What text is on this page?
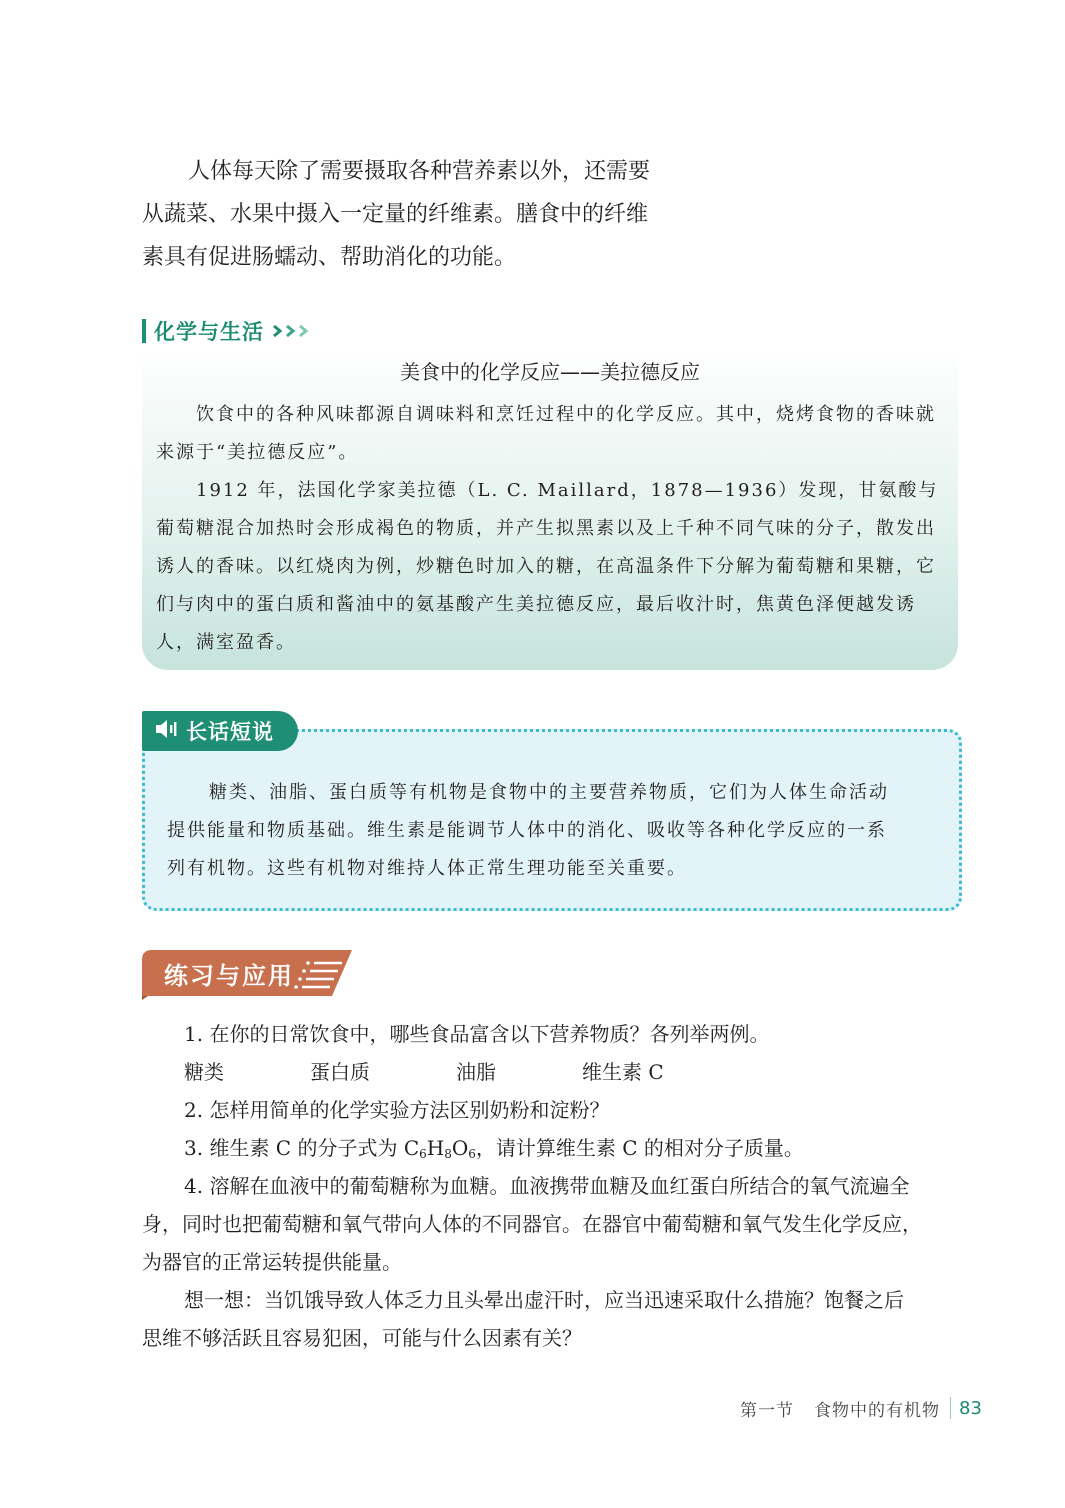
人体每天除了需要摄取各种营养素以外，还需要
从蔬菜、水果中摄入一定量的纤维素。膳食中的纤维
素具有促进肠蠕动、帮助消化的功能。
化学与生活
美食中的化学反应——美拉德反应

饮食中的各种风味都源自调味料和烹饪过程中的化学反应。其中，烧烤食物的香味就来源于“美拉德反应”。

1912 年，法国化学家美拉德（L. C. Maillard，1878—1936）发现，甘氨酸与葡萄糖混合加热时会形成褐色的物质，并产生拟黑素以及上千种不同气味的分子，散发出诱人的香味。以红烧肉为例，炒糖色时加入的糖，在高温条件下分解为葡萄糖和果糖，它们与肉中的蛋白质和酱油中的氨基酸产生美拉德反应，最后收汁时，焦黄色泽便越发诱人，满室盈香。

糖类、油脂、蛋白质等有机物是食物中的主要营养物质，它们为人体生命活动
提供能量和物质基础。维生素是能调节人体中的消化、吸收等各种化学反应的一系
列有机物。这些有机物对维持人体正常生理功能至关重要。
长话短说
练习与应用

1. 在你的日常饮食中，哪些食品富含以下营养物质？各列举两例。

糖类	蛋白质	油脂	维生素 C

2. 怎样用简单的化学实验方法区别奶粉和淀粉？

3. 维生素 C 的分子式为 $C_6H_8O_6$，请计算维生素 C 的相对分子质量。

4. 溶解在血液中的葡萄糖称为血糖。血液携带血糖及血红蛋白所结合的氧气流遍全

身，同时也把葡萄糖和氧气带向人体的不同器官。在器官中葡萄糖和氧气发生化学反应，

为器官的正常运转提供能量。

想一想：当饥饿导致人体乏力且头晕出虚汗时，应当迅速采取什么措施？饱餐之后

思维不够活跃且容易犯困，可能与什么因素有关？

第一节 食物中的有机物 83
